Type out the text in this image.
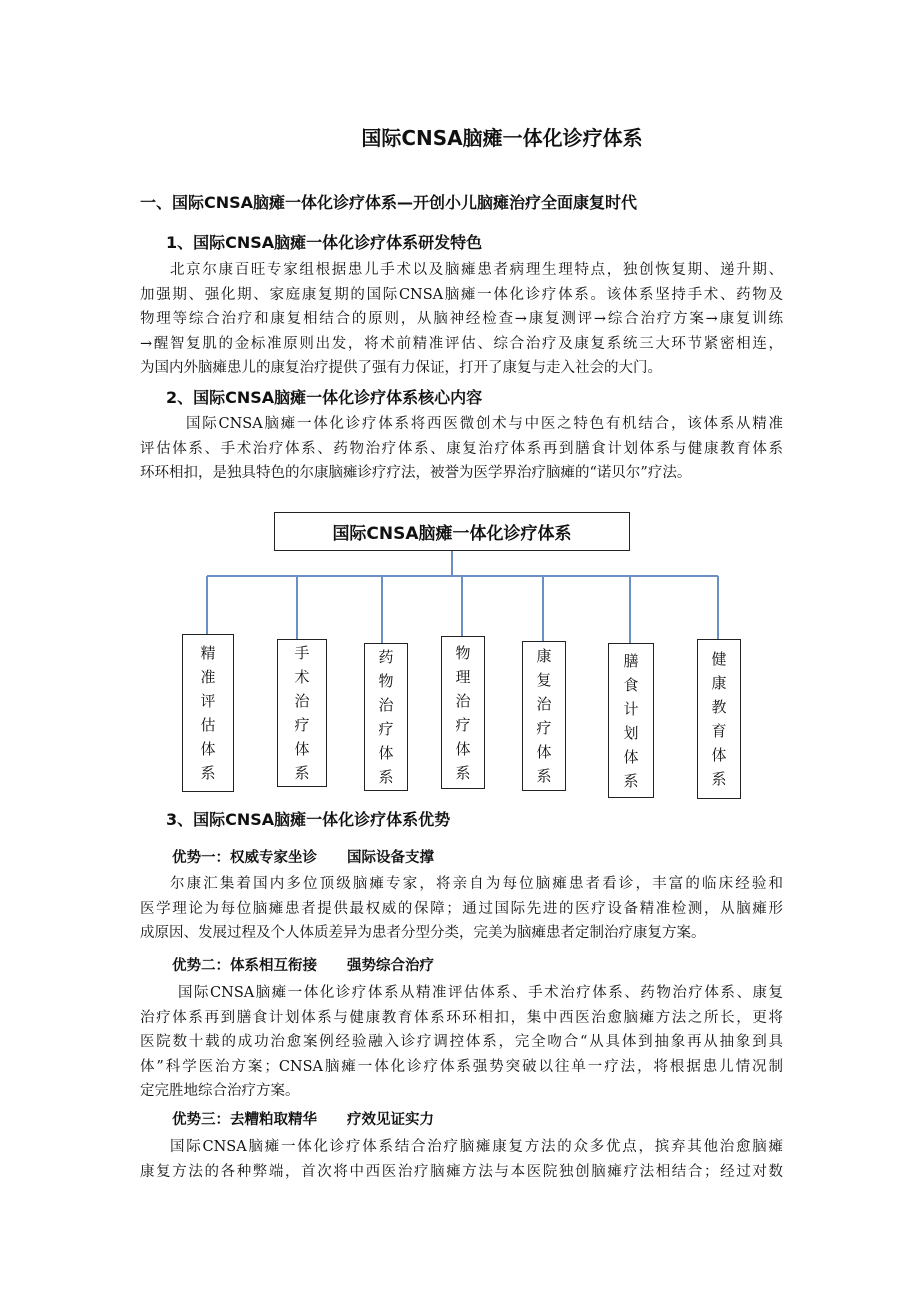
国际CNSA脑瘫一体化诊疗体系
一、国际CNSA脑瘫一体化诊疗体系—开创小儿脑瘫治疗全面康复时代
1、国际CNSA脑瘫一体化诊疗体系研发特色
北京尔康百旺专家组根据患儿手术以及脑瘫患者病理生理特点，独创恢复期、递升期、
加强期、强化期、家庭康复期的国际CNSA脑瘫一体化诊疗体系。该体系坚持手术、药物及
物理等综合治疗和康复相结合的原则，从脑神经检查→康复测评→综合治疗方案→康复训练
→醒智复肌的金标准原则出发，将术前精准评估、综合治疗及康复系统三大环节紧密相连，
为国内外脑瘫患儿的康复治疗提供了强有力保证，打开了康复与走入社会的大门。
2、国际CNSA脑瘫一体化诊疗体系核心内容
国际CNSA脑瘫一体化诊疗体系将西医微创术与中医之特色有机结合，该体系从精准
评估体系、手术治疗体系、药物治疗体系、康复治疗体系再到膳食计划体系与健康教育体系
环环相扣，是独具特色的尔康脑瘫诊疗疗法，被誉为医学界治疗脑瘫的“诺贝尔”疗法。
国际CNSA脑瘫一体化诊疗体系
精
准
评
估
体
系
手
术
治
疗
体
系
药
物
治
疗
体
系
物
理
治
疗
体
系
康
复
治
疗
体
系
膳
食
计
划
体
系
健
康
教
育
体
系
3、国际CNSA脑瘫一体化诊疗体系优势
优势一：权威专家坐诊 国际设备支撑
尔康汇集着国内多位顶级脑瘫专家，将亲自为每位脑瘫患者看诊，丰富的临床经验和
医学理论为每位脑瘫患者提供最权威的保障；通过国际先进的医疗设备精准检测，从脑瘫形
成原因、发展过程及个人体质差异为患者分型分类，完美为脑瘫患者定制治疗康复方案。
优势二：体系相互衔接 强势综合治疗
国际CNSA脑瘫一体化诊疗体系从精准评估体系、手术治疗体系、药物治疗体系、康复
治疗体系再到膳食计划体系与健康教育体系环环相扣，集中西医治愈脑瘫方法之所长，更将
医院数十载的成功治愈案例经验融入诊疗调控体系，完全吻合“从具体到抽象再从抽象到具
体”科学医治方案；CNSA脑瘫一体化诊疗体系强势突破以往单一疗法，将根据患儿情况制
定完胜地综合治疗方案。
优势三：去糟粕取精华 疗效见证实力
国际CNSA脑瘫一体化诊疗体系结合治疗脑瘫康复方法的众多优点，摈弃其他治愈脑瘫
康复方法的各种弊端，首次将中西医治疗脑瘫方法与本医院独创脑瘫疗法相结合；经过对数
